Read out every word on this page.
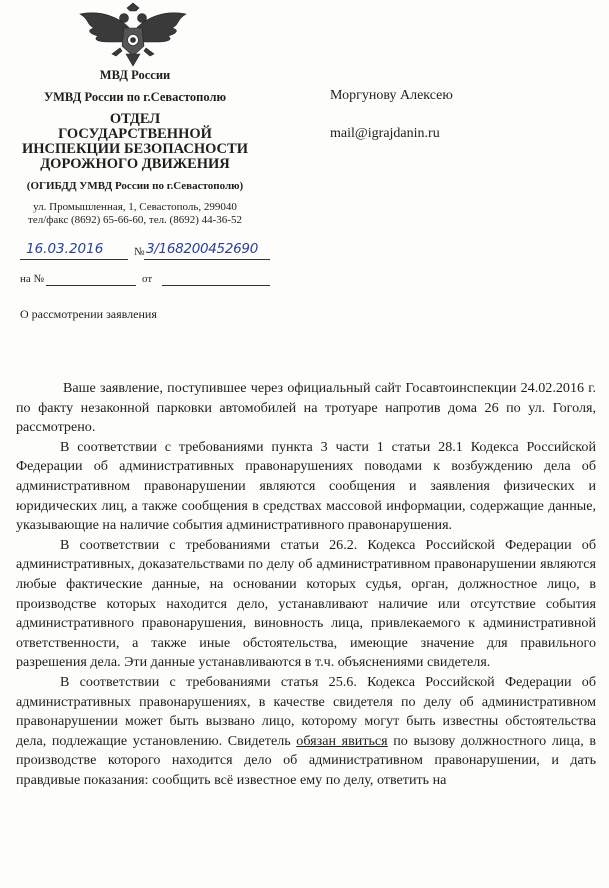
МВД России
УМВД России по г.Севастополю
ОТДЕЛ
ГОСУДАРСТВЕННОЙ
ИНСПЕКЦИИ БЕЗОПАСНОСТИ
ДОРОЖНОГО ДВИЖЕНИЯ
(ОГИБДД УМВД России по г.Севастополю)
ул. Промышленная, 1, Севастополь, 299040
тел/факс (8692) 65-66-60, тел. (8692) 44-36-52
16.03.2016	№ 3/168200452690
на №	от
О рассмотрении заявления
Моргунову Алексею
mail@igrajdanin.ru

Ваше заявление, поступившее через официальный сайт Госавтоинспекции 24.02.2016 г. по факту незаконной парковки автомобилей на тротуаре напротив дома 26 по ул. Гоголя, рассмотрено.

В соответствии с требованиями пункта 3 части 1 статьи 28.1 Кодекса Российской Федерации об административных правонарушениях поводами к возбуждению дела об административном правонарушении являются сообщения и заявления физических и юридических лиц, а также сообщения в средствах массовой информации, содержащие данные, указывающие на наличие события административного правонарушения.

В соответствии с требованиями статьи 26.2. Кодекса Российской Федерации об административных, доказательствами по делу об административном правонарушении являются любые фактические данные, на основании которых судья, орган, должностное лицо, в производстве которых находится дело, устанавливают наличие или отсутствие события административного правонарушения, виновность лица, привлекаемого к административной ответственности, а также иные обстоятельства, имеющие значение для правильного разрешения дела. Эти данные устанавливаются в т.ч. объяснениями свидетеля.

В соответствии с требованиями статья 25.6. Кодекса Российской Федерации об административных правонарушениях, в качестве свидетеля по делу об административном правонарушении может быть вызвано лицо, которому могут быть известны обстоятельства дела, подлежащие установлению. Свидетель обязан явиться по вызову должностного лица, в производстве которого находится дело об административном правонарушении, и дать правдивые показания: сообщить всё известное ему по делу, ответить на
